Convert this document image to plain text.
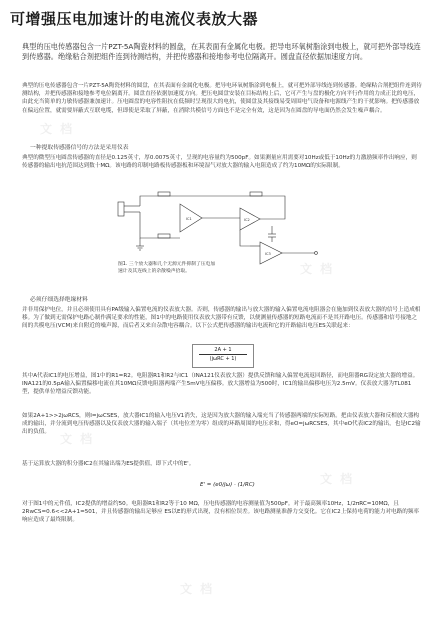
可增强压电加速计的电流仪表放大器
典型的压电传感器包含一片PZT-5A陶瓷材料的圆盘，在其表面有金属化电极。把导电环氧树脂涂到电极上，就可把外部导线连到传感器。绝缘粘合剂把组件连到待测结构，并把传感器和接地参考电位隔离开。圆盘直径依据加速度方向。
典型的压电传感器包含一片PZT-5A陶瓷材料的圆盘，在其表面有金属化电极。把导电环氧树脂涂到电极上，就可把外部导线连到传感器。绝缘粘合剂把组件连到待测结构，并把传感器和接地参考电位隔离开。圆盘直径依据加速度方向。把压电圆盘安装在目标结构上后，它可产生与盘的极化方向平行作用的力成正比的电压，由此充当简单的力敏传感器兼加速计。压电圆盘的电容性阻抗在低频时呈现很大的电抗，使圆盘及其接线易受周围电气设备和电源线产生的干扰影响。把传感器放在偏远位置，就需要屏蔽式互联电缆，但即使是采取了屏蔽，在消除共模信号方面也不是完全有效，这是因为在圆盘的导电面仍然会发生噪声耦合。
一种提取传感器信号的方法是采用仪表
典型的微型压电圆盘传感器的直径是0.125英寸，厚0.0075英寸，呈现的电容量约为500pF。如果测量应用需要对10Hz或低于10Hz的力激励频率作出响应，则传感器的输出电抗范围达到数十MΩ。该电路的印制电路板传感器板和环境湿气对放大器的输入电阻造成了约为10MΩ的实际限制。
IC1	IC2
IC3
图1. 三个放大器和几个无源元件抑制了压电加速计及其连线上的杂散噪声拾取。
必须仔细选择绝缘材料
并非用保护电位，并且必须使用具有PA级输入偏置电流的仪表放大器。否则，传感器的输出与放大器的输入偏置电流电阻器会在施加到仪表放大器的信号上造成相移。为了做到无需保护电路心制作满足要求的性能，图1中的电路使用仪表放大器带有反馈，以便测量传感器的短路电流而不是其开路电压。传感器和信号接地之间的共模电压(VCM)来自附近的噪声源，而后者又来自杂散电容耦合。以下公式把传感器的输出电流和它的开路输出电压ES关联起来：
2A + 1
(jωRC + 1)
其中A代表IC1的电压增益，图1中的R1=R2。电阻器R1和R2与IC1（INA121仪表放大器）提供反馈和输入偏置电流返回路径，而电阻器RG设定放大器的增益。INA121的0.5pA输入偏置偏移电流在其10MΩ反馈电阻器两端产生5mV电压偏移。放大器增益为500时，IC1的输出偏移电压为2.5mV。仪表放大器为TL081型，提供单位增益反馈功能。
如果2A+1>>2jωRCS，则I=jωCSES，放大器IC1的输入电压V1消失，这是因为放大器的输入端充当了传感器两端的实际短路。把由仪表放大器和反相放大器构成的输出，并分流到电压传感器以及仪表放大器的输入端子（其电位差为零）组成的环路周围的电压求和，得eO=jωRCSES，其中eO代表IC2的输出，也是IC2输出的负值。
基于运算放大器的积分器IC2在其输出端为ES提供值，即下式中的E'。
E' = (e0/jω) · (1/RC)
对于图1中的元件值，IC2提供的增益约50。电阻器R1和R2等于10 MΩ，压电传感器的电容测量值为500pF。对于最高频率10Hz，1/2πRC=10MΩ，且2RwCS=0.6<<2A+1=501，并且传感器的输出足够应 ES以E的形式出现，没有相位误差。该电路测量准静力交变化。它在IC2上保持电荷的能力对电路的频率响应造成了最终限制。
文 档
文 档
文 档
文 档
文 档
